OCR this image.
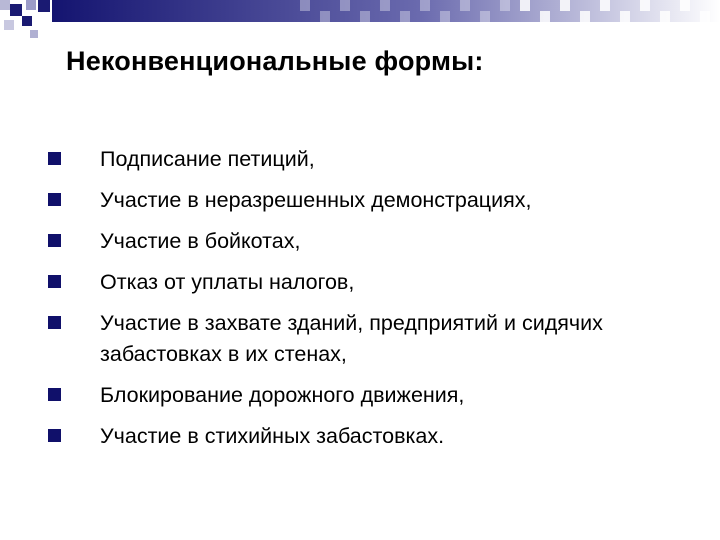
Неконвенциональные формы:
Подписание петиций,
Участие в неразрешенных демонстрациях,
Участие в бойкотах,
Отказ от уплаты налогов,
Участие в захвате зданий, предприятий и сидячих забастовках в их стенах,
Блокирование дорожного движения,
Участие в стихийных забастовках.
